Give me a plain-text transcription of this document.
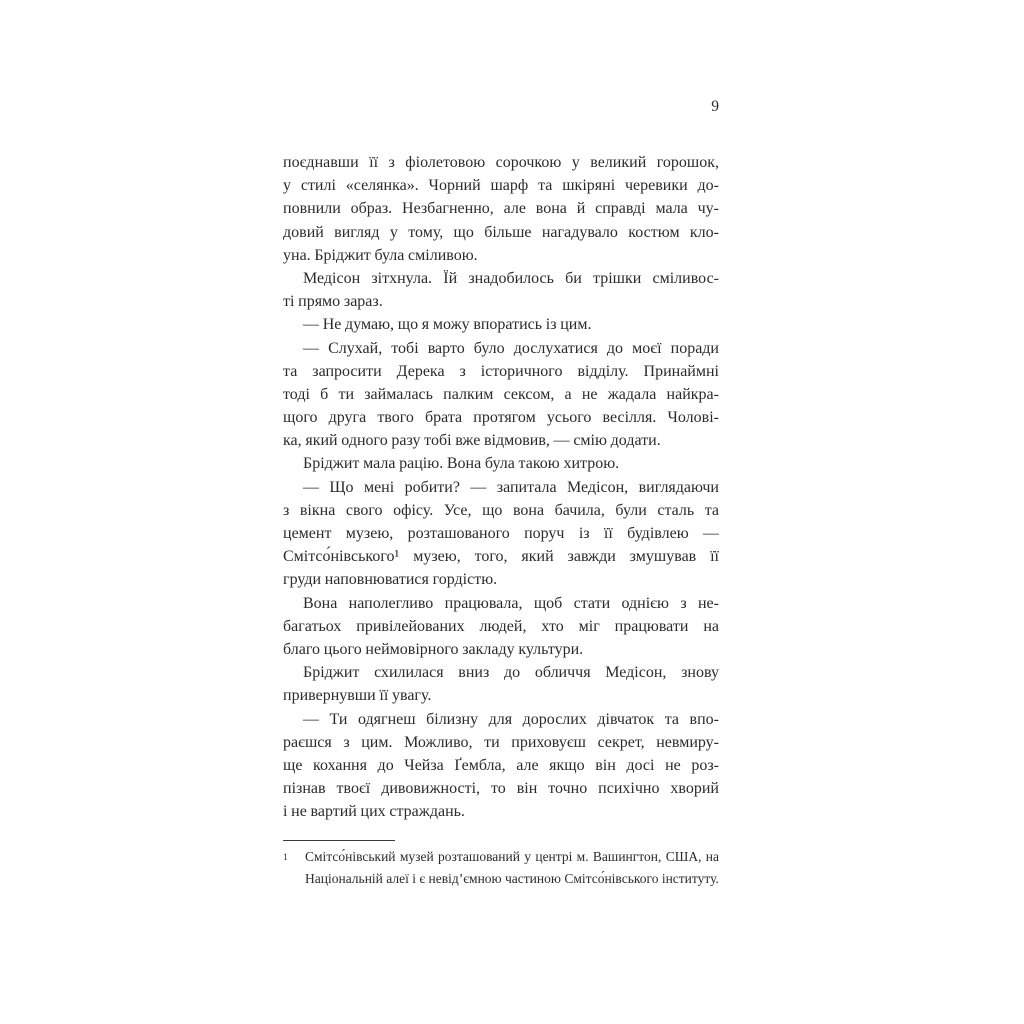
9
поєднавши її з фіолетовою сорочкою у великий горошок,
у стилі «селянка». Чорний шарф та шкіряні черевики до-
повнили образ. Незбагненно, але вона й справді мала чу-
довий вигляд у тому, що більше нагадувало костюм кло-
уна. Бріджит була сміливою.
Медісон зітхнула. Їй знадобилось би трішки сміливос-
ті прямо зараз.
— Не думаю, що я можу впоратись із цим.
— Слухай, тобі варто було дослухатися до моєї поради
та запросити Дерека з історичного відділу. Принаймні
тоді б ти займалась палким сексом, а не жадала найкра-
щого друга твого брата протягом усього весілля. Чолові-
ка, який одного разу тобі вже відмовив, — смію додати.
Бріджит мала рацію. Вона була такою хитрою.
— Що мені робити? — запитала Медісон, виглядаючи
з вікна свого офісу. Усе, що вона бачила, були сталь та
цемент музею, розташованого поруч із її будівлею —
Смітсо́нівського¹ музею, того, який завжди змушував її
груди наповнюватися гордістю.
Вона наполегливо працювала, щоб стати однією з не-
багатьох привілейованих людей, хто міг працювати на
благо цього неймовірного закладу культури.
Бріджит схилилася вниз до обличчя Медісон, знову
привернувши її увагу.
— Ти одягнеш білизну для дорослих дівчаток та впо-
раєшся з цим. Можливо, ти приховуєш секрет, невмиру-
ще кохання до Чейза Ґембла, але якщо він досі не роз-
пізнав твоєї дивовижності, то він точно психічно хворий
і не вартий цих страждань.
1	Смітсо́нівський музей розташований у центрі м. Вашингтон, США, на
Національній алеї і є невід’ємною частиною Смітсо́нівського інституту.
